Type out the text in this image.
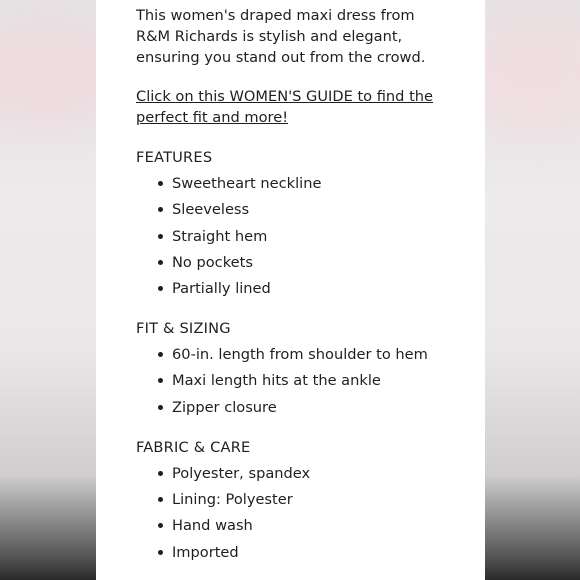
This women's draped maxi dress from R&M Richards is stylish and elegant, ensuring you stand out from the crowd.

Click on this WOMEN'S GUIDE to find the perfect fit and more!
FEATURES
Sweetheart neckline
Sleeveless
Straight hem
No pockets
Partially lined
FIT & SIZING
60-in. length from shoulder to hem
Maxi length hits at the ankle
Zipper closure
FABRIC & CARE
Polyester, spandex
Lining: Polyester
Hand wash
Imported
